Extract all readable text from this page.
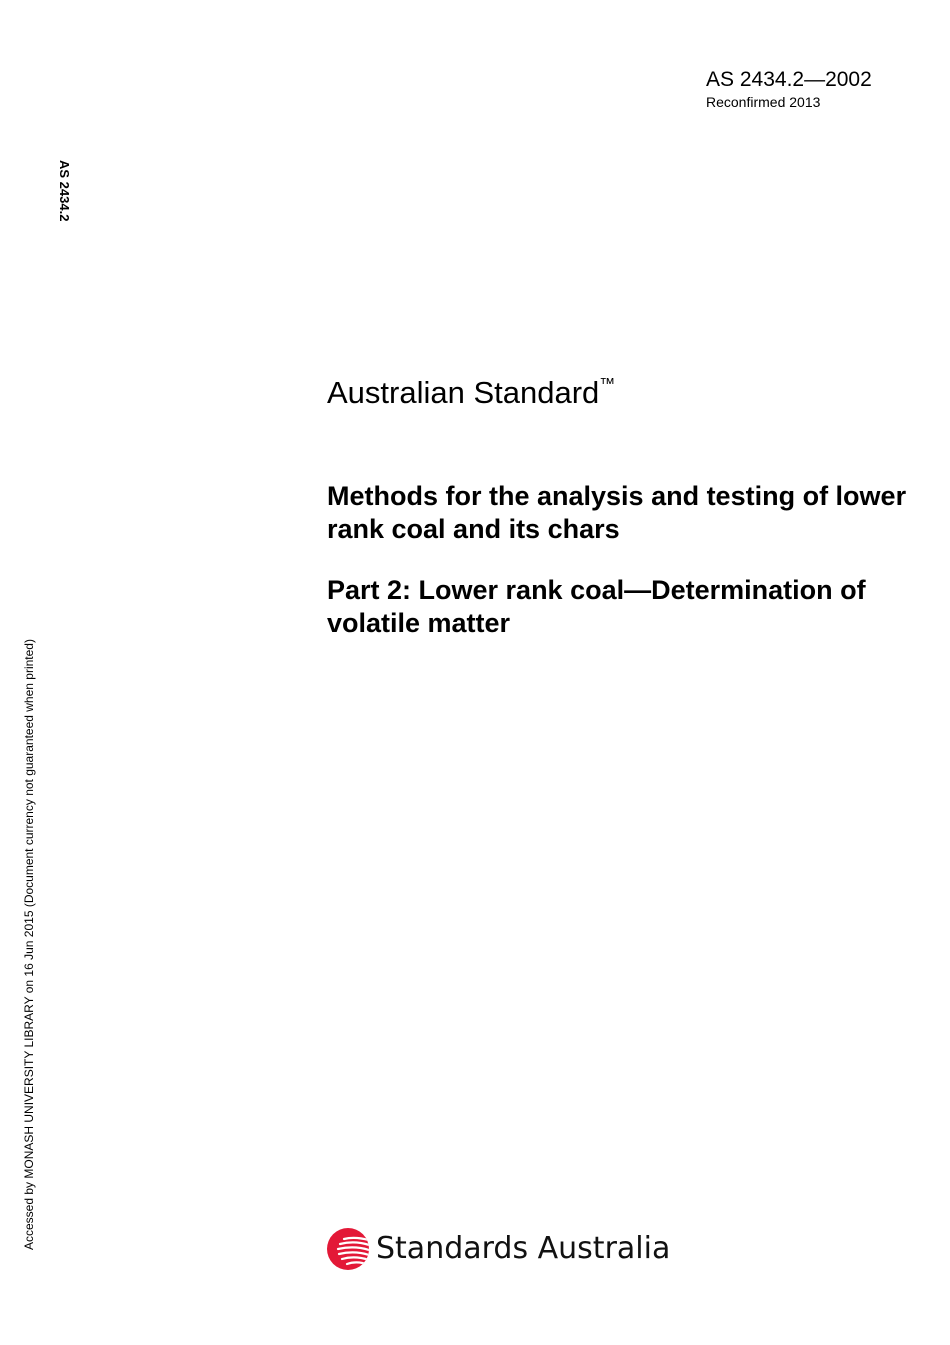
AS 2434.2—2002
Reconfirmed 2013
AS 2434.2
Accessed by MONASH UNIVERSITY LIBRARY on 16 Jun 2015 (Document currency not guaranteed when printed)
Australian Standard™
Methods for the analysis and testing of lower rank coal and its chars
Part 2: Lower rank coal—Determination of volatile matter
Standards Australia
